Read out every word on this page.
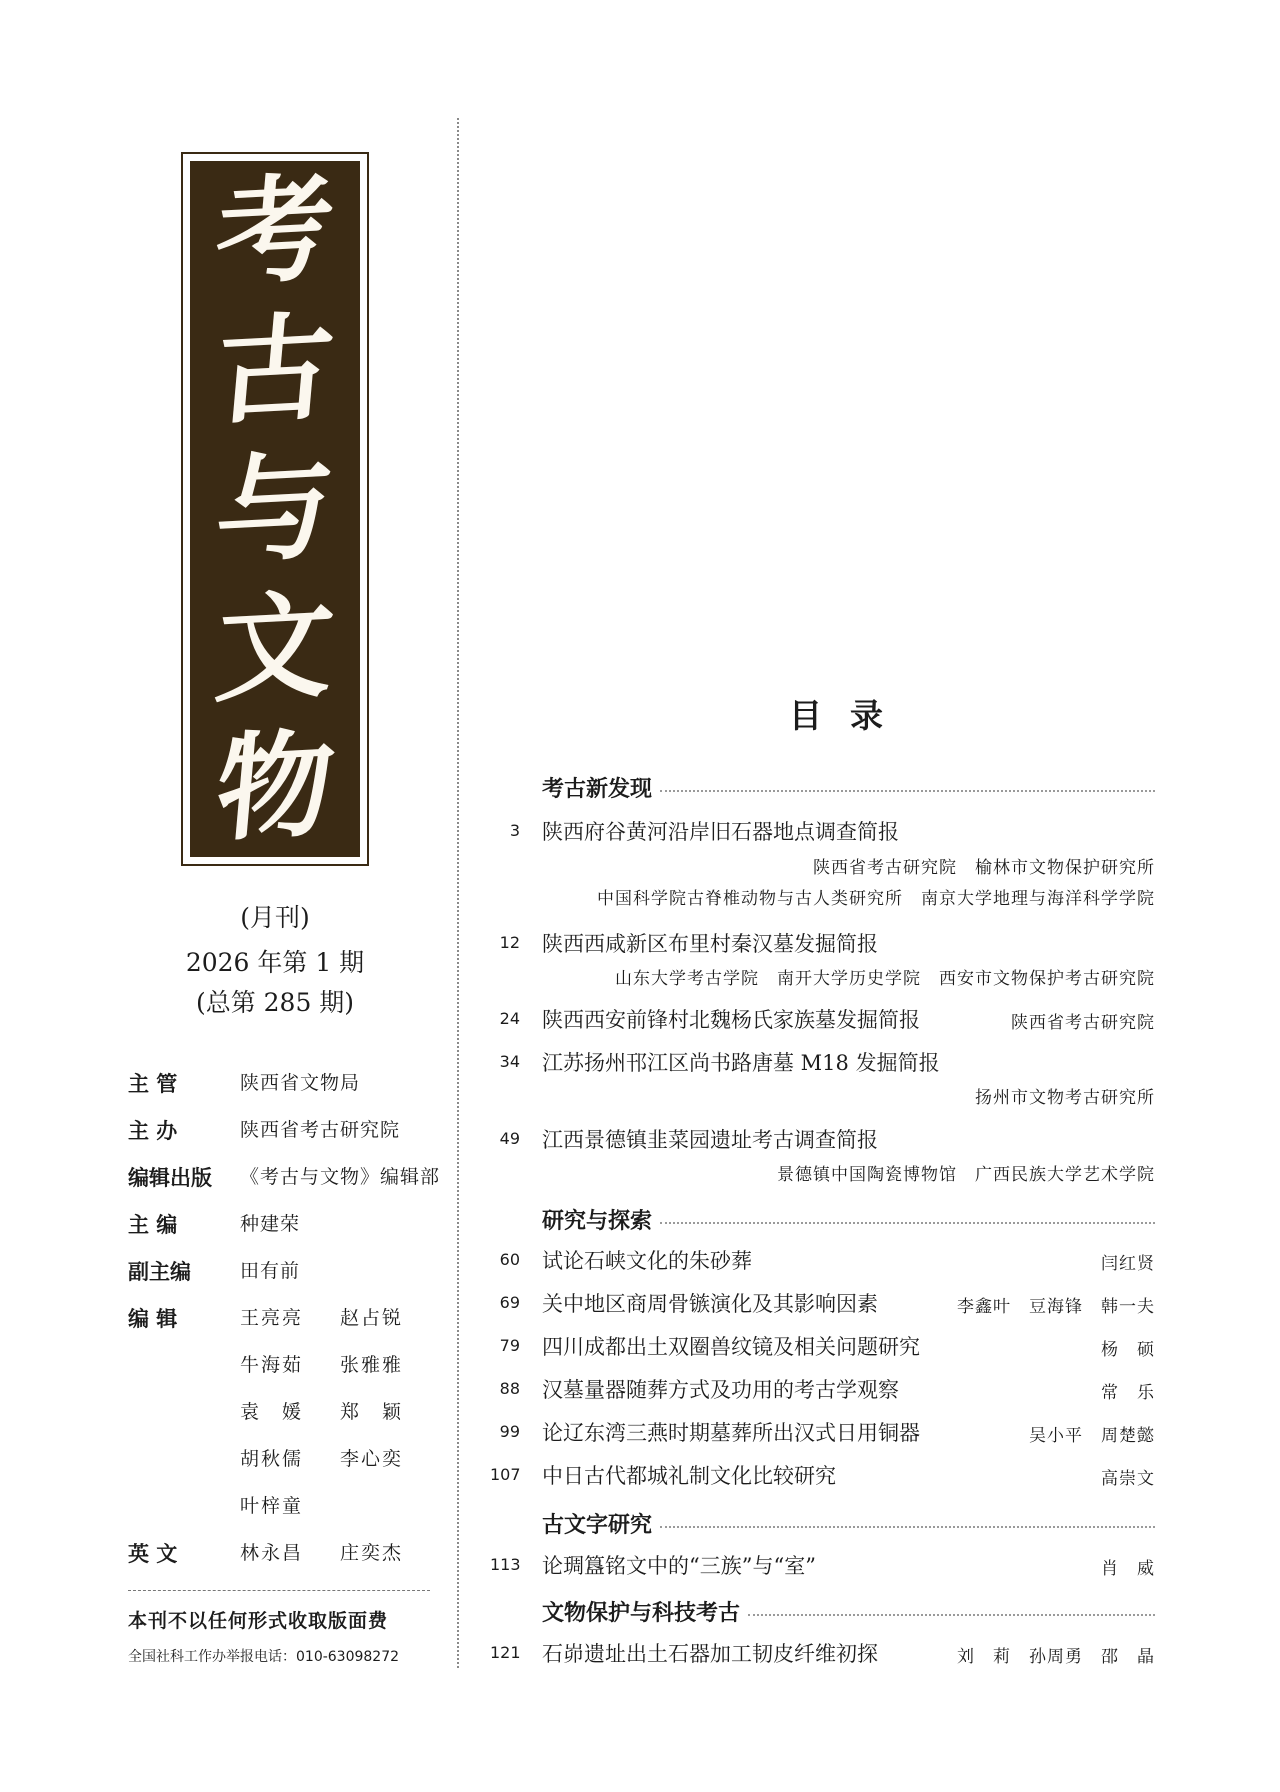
考
古
与
文
物
(月刊)
2026 年第 1 期
(总第 285 期)
主 管	陕西省文物局
主 办	陕西省考古研究院
编辑出版	《考古与文物》编辑部
主 编	种建荣
副主编	田有前
编 辑	王亮亮 赵占锐
牛海茹 张雅雅
袁　媛 郑　颖
胡秋儒 李心奕
叶梓童
英 文	林永昌 庄奕杰
本刊不以任何形式收取版面费
全国社科工作办举报电话：010-63098272
目录
考古新发现
3 陕西府谷黄河沿岸旧石器地点调查简报
陕西省考古研究院　榆林市文物保护研究所
中国科学院古脊椎动物与古人类研究所　南京大学地理与海洋科学学院
12 陕西西咸新区布里村秦汉墓发掘简报
山东大学考古学院　南开大学历史学院　西安市文物保护考古研究院
24 陕西西安前锋村北魏杨氏家族墓发掘简报	陕西省考古研究院
34 江苏扬州邗江区尚书路唐墓 M18 发掘简报
扬州市文物考古研究所
49 江西景德镇韭菜园遗址考古调查简报
景德镇中国陶瓷博物馆　广西民族大学艺术学院
研究与探索
60 试论石峡文化的朱砂葬	闫红贤
69 关中地区商周骨镞演化及其影响因素	李鑫叶　豆海锋　韩一夫
79 四川成都出土双圈兽纹镜及相关问题研究	杨　硕
88 汉墓量器随葬方式及功用的考古学观察	常　乐
99 论辽东湾三燕时期墓葬所出汉式日用铜器	吴小平　周楚懿
107 中日古代都城礼制文化比较研究	高崇文
古文字研究
113 论琱簋铭文中的“三族”与“室”	肖　威
文物保护与科技考古
121 石峁遗址出土石器加工韧皮纤维初探	刘　莉　孙周勇　邵　晶
